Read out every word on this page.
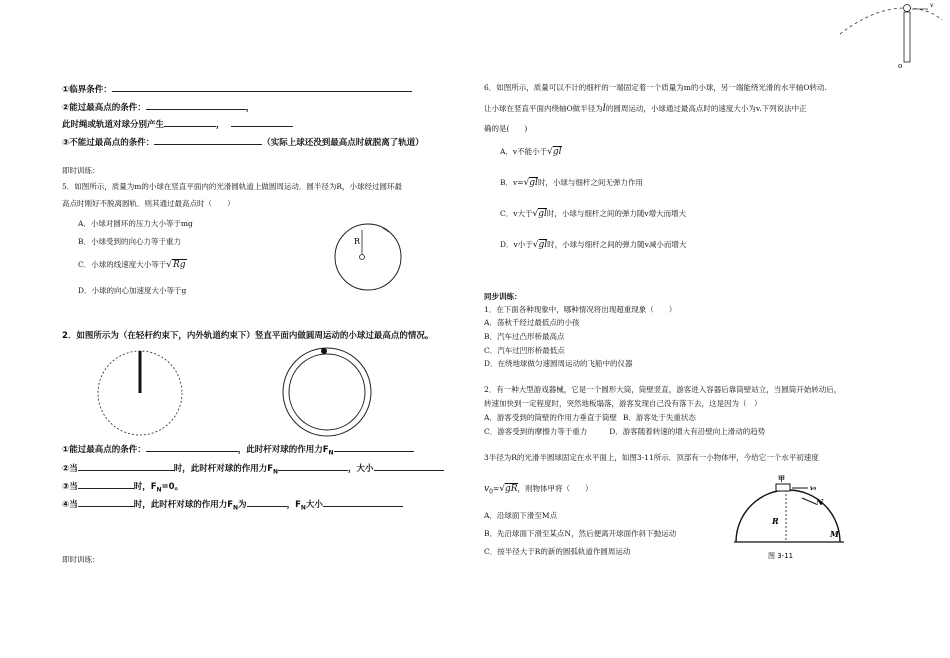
①临界条件：
②能过最高点的条件：	，
此时绳或轨道对球分别产生	，
③不能过最高点的条件：	（实际上球还没到最高点时就脱离了轨道）
即时训练：
5．如图所示，质量为m的小球在竖直平面内的光滑圆轨道上做圆周运动．圆半径为R，小球经过圆环最
高点时刚好不脱离圆轨．则其通过最高点时（　　）
A．小球对圆环的压力大小等于mg
B．小球受到的向心力等于重力
C．小球的线速度大小等于√Rg
D．小球的向心加速度大小等于g
R
2．如图所示为（在轻杆约束下，内外轨道约束下）竖直平面内做圆周运动的小球过最高点的情况。
①能过最高点的条件：	，此时杆对球的作用力$F_N$
②当	时，此时杆对球的作用力$F_N$	，大小
③当	时，$F_N=0$。
④当	时，此时杆对球的作用力$F_N$为	，$F_N$大小
即时训练：
v
o
6．如图所示，质量可以不计的细杆的一端固定着一个质量为m的小球，另一端能绕光滑的水平轴O转动.
让小球在竖直平面内绕轴O做半径为l的圆周运动，小球通过最高点时的速度大小为v.下列说法中正
确的是(　　)
A．v不能小于√gl
B．v=√gl时，小球与细杆之间无弹力作用
C．v大于√gl时，小球与细杆之间的弹力随v增大而增大
D．v小于√gl时，小球与细杆之间的弹力随v减小而增大
同步训练：
1．在下面各种现象中，哪种情况将出现超重现象（　　）
A．荡秋千经过最低点的小孩
B．汽车过凸形桥最高点
C．汽车过凹形桥最低点
D．在绕地球做匀速圆周运动的飞船中的仪器
2．有一种大型游戏器械，它是一个圆形大筒，筒壁竖直，游客进入容器后靠筒壁站立，当圆筒开始转动后，
转速加快到一定程度时，突然地板塌落，游客发现自己没有落下去，这是因为（　）
A．游客受到的筒壁的作用力垂直于筒壁 B．游客处于失重状态
C．游客受到的摩擦力等于重力	D．游客随着转速的增大有沿壁向上滑动的趋势
3半径为R的光滑半圆球固定在水平面上，如图3-11所示．顶部有一小物体甲，今给它一个水平初速度
$v_0=√gR$，则物体甲将（　　）
A．沿球面下滑至M点
B．先沿球面下滑至某点N，然后便离开球面作斜下抛运动
C．按半径大于R的新的圆弧轨道作圆周运动
甲
v₀
N
R
M
图 3-11
